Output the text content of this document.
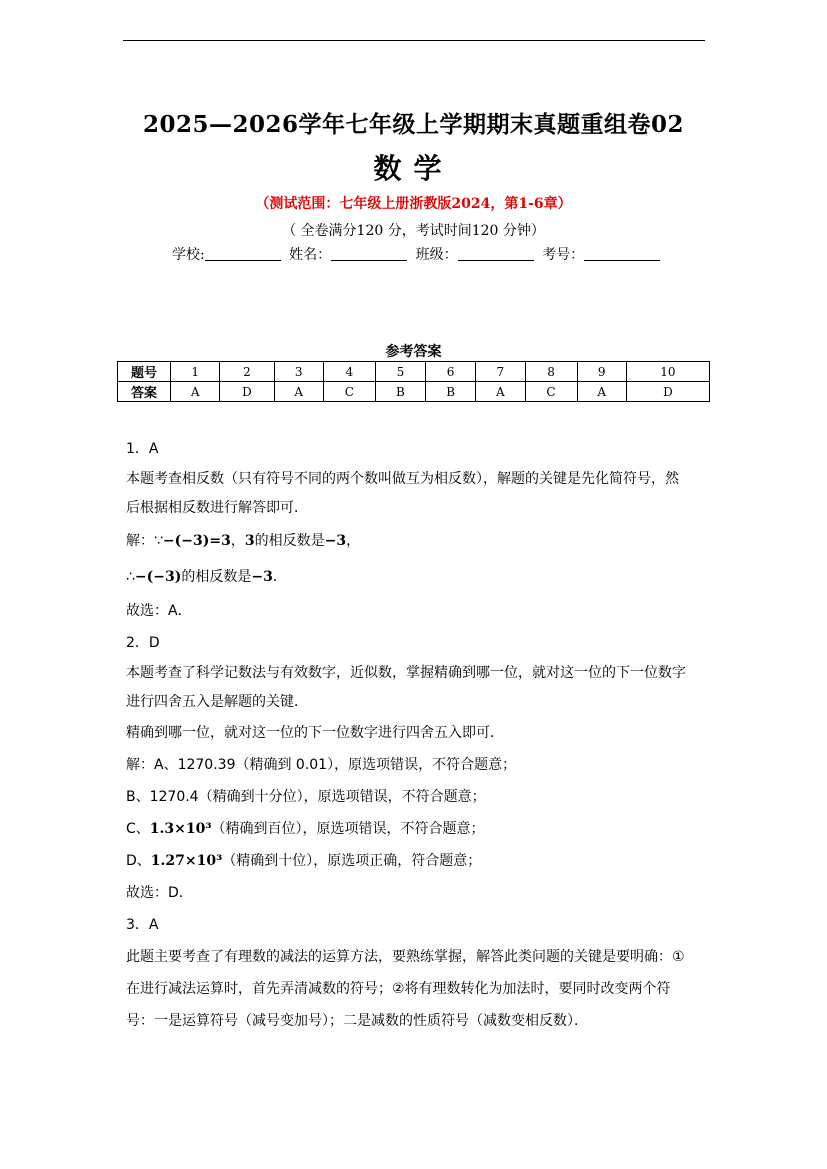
2025—2026学年七年级上学期期末真题重组卷02
数学
（测试范围：七年级上册浙教版2024，第1-6章）
（ 全卷满分120 分，考试时间120 分钟）
学校:	姓名：	班级：	考号：
参考答案
题号	1	2	3	4	5	6	7	8	9	10
答案	A	D	A	C	B	B	A	C	A	D

1．A

本题考查相反数（只有符号不同的两个数叫做互为相反数），解题的关键是先化简符号，然

后根据相反数进行解答即可．

解：∵−(−3)=3，3的相反数是−3，

∴−(−3)的相反数是−3．

故选：A．

2．D

本题考查了科学记数法与有效数字，近似数，掌握精确到哪一位，就对这一位的下一位数字

进行四舍五入是解题的关键．

精确到哪一位，就对这一位的下一位数字进行四舍五入即可．

解：A、1270.39（精确到 0.01），原选项错误，不符合题意；

B、1270.4（精确到十分位），原选项错误，不符合题意；

C、1.3×10³（精确到百位），原选项错误，不符合题意；

D、1.27×10³（精确到十位），原选项正确，符合题意；

故选：D．

3．A

此题主要考查了有理数的减法的运算方法，要熟练掌握，解答此类问题的关键是要明确：①

在进行减法运算时，首先弄清减数的符号；②将有理数转化为加法时，要同时改变两个符

号：一是运算符号（减号变加号）；二是减数的性质符号（减数变相反数）．
